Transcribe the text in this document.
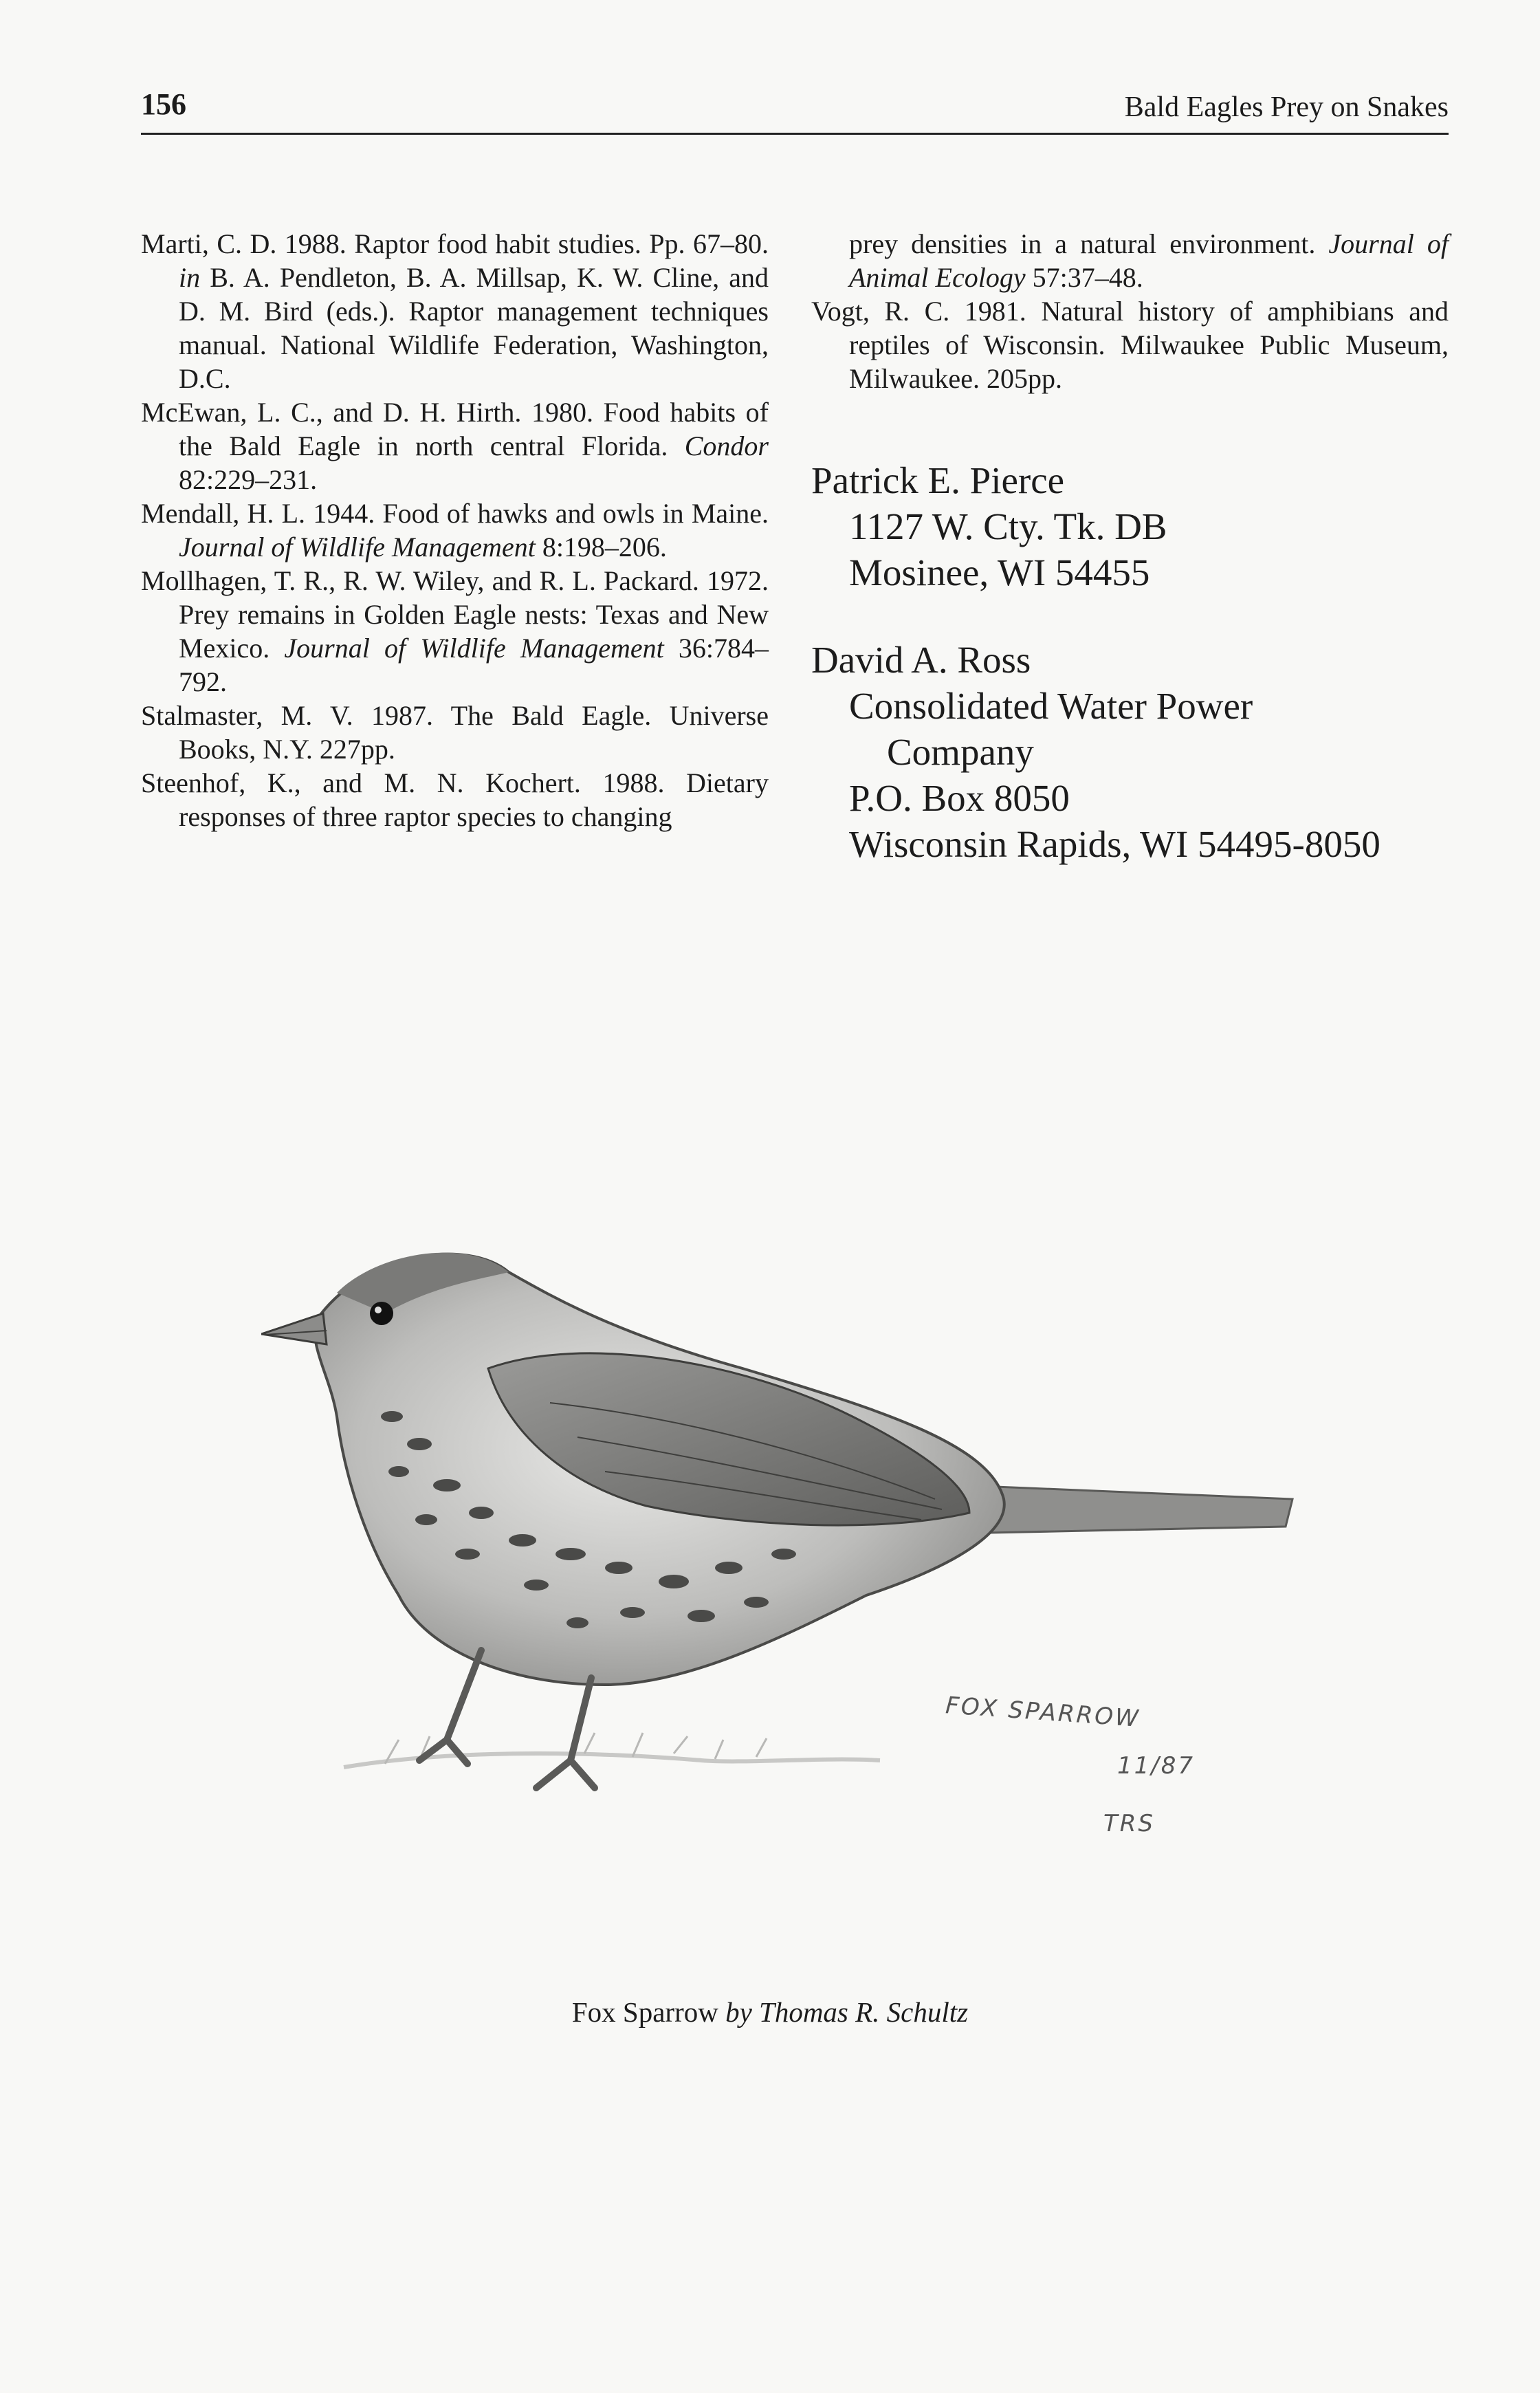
156	Bald Eagles Prey on Snakes

Marti, C. D. 1988. Raptor food habit studies. Pp. 67–80. in B. A. Pendleton, B. A. Millsap, K. W. Cline, and D. M. Bird (eds.). Raptor management techniques manual. National Wildlife Federation, Washington, D.C.

McEwan, L. C., and D. H. Hirth. 1980. Food habits of the Bald Eagle in north central Florida. Condor 82:229–231.

Mendall, H. L. 1944. Food of hawks and owls in Maine. Journal of Wildlife Management 8:198–206.

Mollhagen, T. R., R. W. Wiley, and R. L. Packard. 1972. Prey remains in Golden Eagle nests: Texas and New Mexico. Journal of Wildlife Management 36:784–792.

Stalmaster, M. V. 1987. The Bald Eagle. Universe Books, N.Y. 227pp.

Steenhof, K., and M. N. Kochert. 1988. Dietary responses of three raptor species to changing

prey densities in a natural environment. Journal of Animal Ecology 57:37–48.

Vogt, R. C. 1981. Natural history of amphibians and reptiles of Wisconsin. Milwaukee Public Museum, Milwaukee. 205pp.

Patrick E. Pierce
1127 W. Cty. Tk. DB
Mosinee, WI 54455
David A. Ross
Consolidated Water Power
Company
P.O. Box 8050
Wisconsin Rapids, WI 54495-8050
FOX SPARROW
11/87
TRS
Fox Sparrow by Thomas R. Schultz
